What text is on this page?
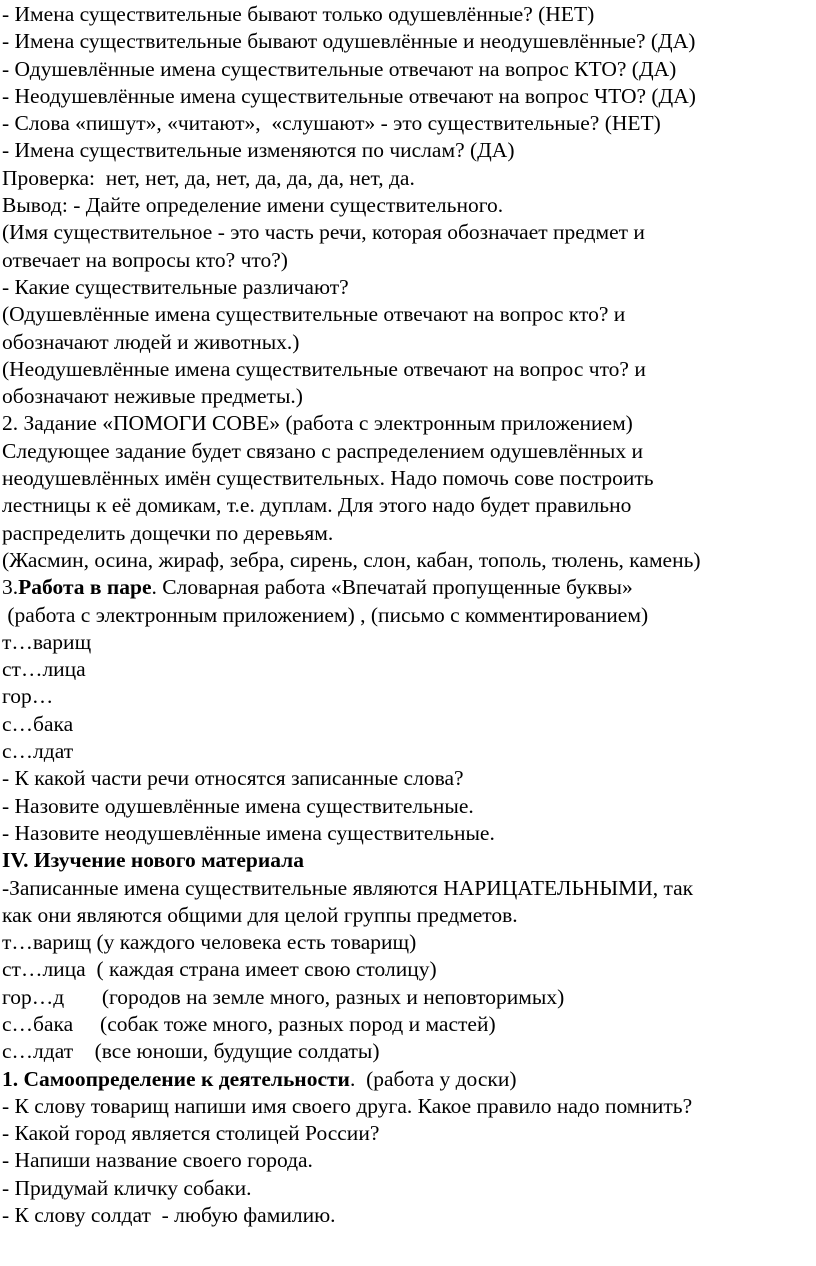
- Имена существительные бывают только одушевлённые? (НЕТ)
- Имена существительные бывают одушевлённые и неодушевлённые? (ДА)
- Одушевлённые имена существительные отвечают на вопрос КТО? (ДА)
- Неодушевлённые имена существительные отвечают на вопрос ЧТО? (ДА)
- Слова «пишут», «читают»,  «слушают» - это существительные? (НЕТ)
- Имена существительные изменяются по числам? (ДА)
Проверка:  нет, нет, да, нет, да, да, да, нет, да.
Вывод: - Дайте определение имени существительного.
(Имя существительное - это часть речи, которая обозначает предмет и
отвечает на вопросы кто? что?)
- Какие существительные различают?
(Одушевлённые имена существительные отвечают на вопрос кто? и
обозначают людей и животных.)
(Неодушевлённые имена существительные отвечают на вопрос что? и
обозначают неживые предметы.)
2. Задание «ПОМОГИ СОВЕ» (работа с электронным приложением)
Следующее задание будет связано с распределением одушевлённых и
неодушевлённых имён существительных. Надо помочь сове построить
лестницы к её домикам, т.е. дуплам. Для этого надо будет правильно
распределить дощечки по деревьям.
(Жасмин, осина, жираф, зебра, сирень, слон, кабан, тополь, тюлень, камень)
3.Работа в паре. Словарная работа «Впечатай пропущенные буквы»
(работа с электронным приложением) , (письмо с комментированием)
т…варищ
ст…лица
гор…
с…бака
с…лдат
- К какой части речи относятся записанные слова?
- Назовите одушевлённые имена существительные.
- Назовите неодушевлённые имена существительные.
IV. Изучение нового материала
-Записанные имена существительные являются НАРИЦАТЕЛЬНЫМИ, так
как они являются общими для целой группы предметов.
т…варищ (у каждого человека есть товарищ)
ст…лица  ( каждая страна имеет свою столицу)
гор…д       (городов на земле много, разных и неповторимых)
с…бака     (собак тоже много, разных пород и мастей)
с…лдат    (все юноши, будущие солдаты)
1. Самоопределение к деятельности.  (работа у доски)
- К слову товарищ напиши имя своего друга. Какое правило надо помнить?
- Какой город является столицей России?
- Напиши название своего города.
- Придумай кличку собаки.
- К слову солдат  - любую фамилию.
